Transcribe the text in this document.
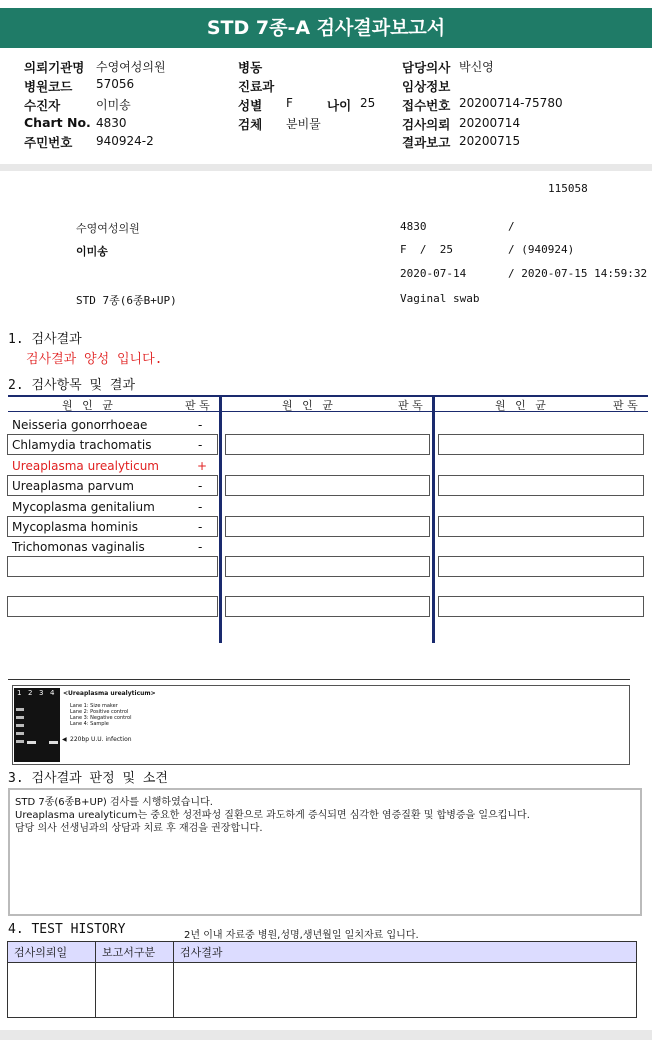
STD 7종-A 검사결과보고서
의뢰기관명 수영여성의원
병원코드 57056
수진자	이미송
Chart No. 4830
주민번호 940924-2
병동
진료과
성별 F	나이 25
검체 분비물
담당의사 박신영
임상정보
접수번호 20200714-75780
검사의뢰 20200714
결과보고 20200715
115058
수영여성의원	4830	/
이미송	F  /  25	/ (940924)
2020-07-14	/ 2020-07-15 14:59:32
STD 7종(6종B+UP)	Vaginal swab
1. 검사결과
검사결과 양성 입니다.
2. 검사항목 및 결과
원 인 균	판 독	원 인 균	판 독	원 인 균	판 독
Neisseria gonorrhoeae	-
Chlamydia trachomatis	-
Ureaplasma urealyticum	+
Ureaplasma parvum	-
Mycoplasma genitalium	-
Mycoplasma hominis	-
Trichomonas vaginalis	-
1 2 3 4 <Ureaplasma urealyticum>
Lane 1: Size maker
Lane 2: Positive control
Lane 3: Negative control
Lane 4: Sample
◀ 220bp U.U. infection
3. 검사결과 판정 및 소견
STD 7종(6종B+UP) 검사를 시행하였습니다.
Ureaplasma urealyticum는 중요한 성전파성 질환으로 과도하게 증식되면 심각한 염증질환 및 합병증을 일으킵니다.
담당 의사 선생님과의 상담과 치료 후 재검을 권장합니다.
4. TEST HISTORY	2년 이내 자료중 병원,성명,생년월일 일치자료 입니다.
검사의뢰일	보고서구분	검사결과
